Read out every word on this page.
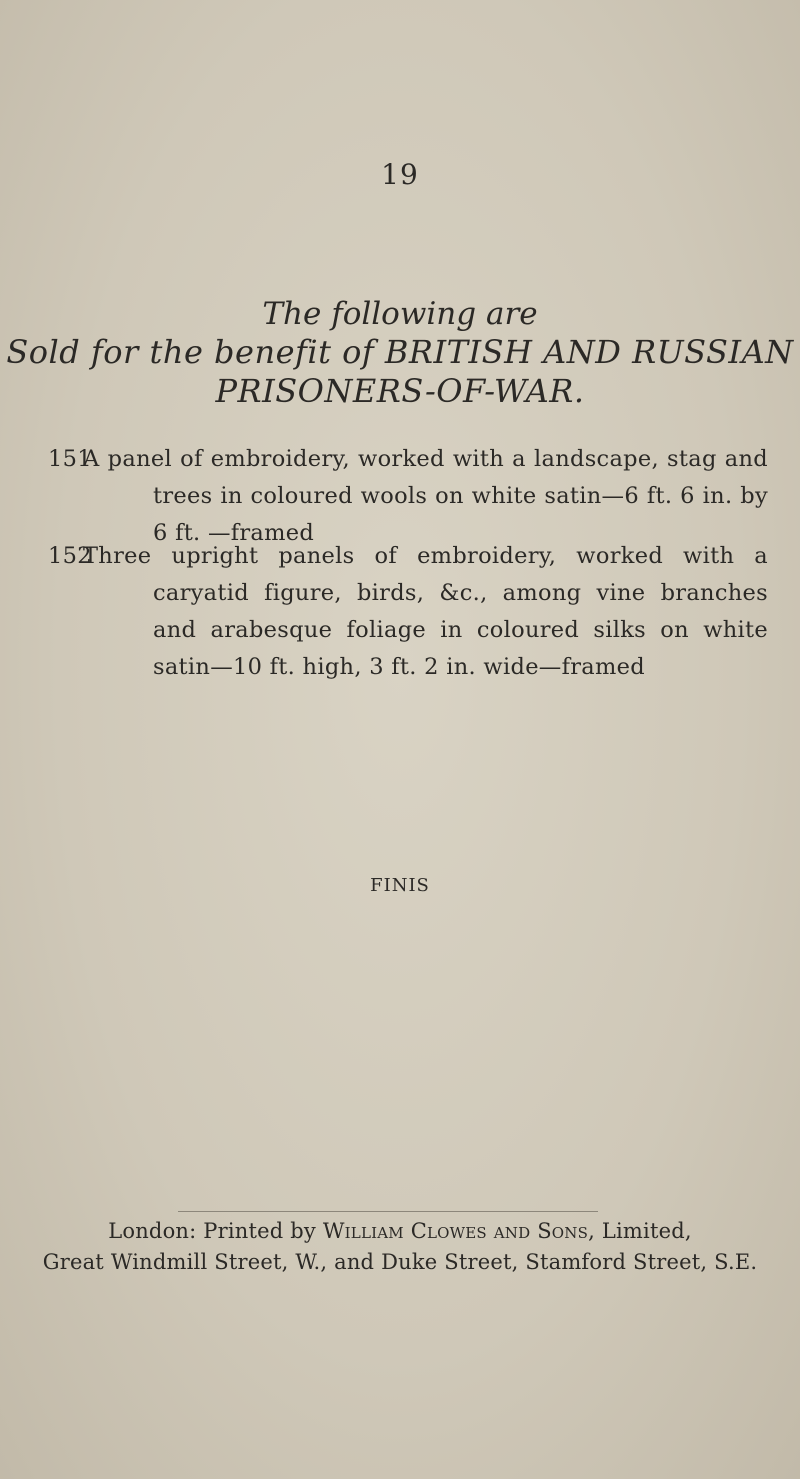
19
The following are
Sold for the benefit of BRITISH AND RUSSIAN
PRISONERS-OF-WAR.
151
A panel of embroidery, worked with a landscape, stag and trees in coloured wools on white satin—6 ft. 6 in. by 6 ft. —framed
152
Three upright panels of embroidery, worked with a caryatid figure, birds, &c., among vine branches and arabesque foliage in coloured silks on white satin—10 ft. high, 3 ft. 2 in. wide—framed
FINIS
London: Printed by William Clowes and Sons, Limited,
Great Windmill Street, W., and Duke Street, Stamford Street, S.E.
